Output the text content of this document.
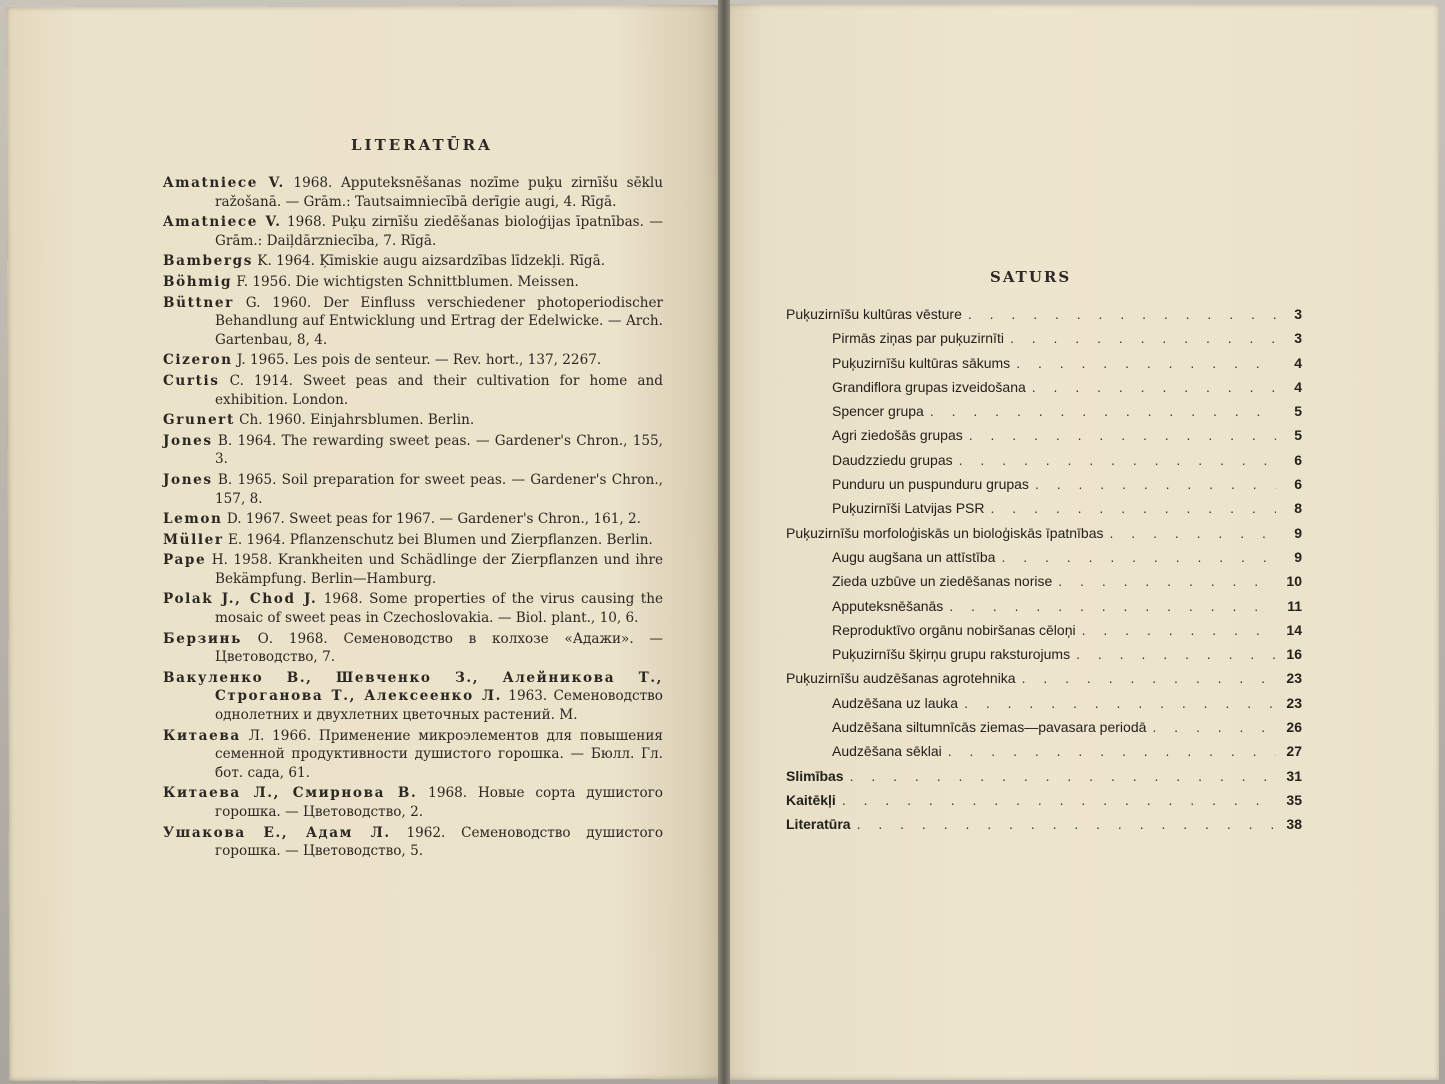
LITERATŪRA
Amatniece V. 1968. Apputeksnēšanas nozīme puķu zirnīšu sēklu ražošanā. — Grām.: Tautsaimniecībā derīgie augi, 4. Rīgā.
Amatniece V. 1968. Puķu zirnīšu ziedēšanas bioloģijas īpatnības. — Grām.: Daiļdārzniecība, 7. Rīgā.
Bambergs K. 1964. Ķīmiskie augu aizsardzības līdzekļi. Rīgā.
Böhmig F. 1956. Die wichtigsten Schnittblumen. Meissen.
Büttner G. 1960. Der Einfluss verschiedener photoperiodischer Behandlung auf Entwicklung und Ertrag der Edelwicke. — Arch. Gartenbau, 8, 4.
Cizeron J. 1965. Les pois de senteur. — Rev. hort., 137, 2267.
Curtis C. 1914. Sweet peas and their cultivation for home and exhibition. London.
Grunert Ch. 1960. Einjahrsblumen. Berlin.
Jones B. 1964. The rewarding sweet peas. — Gardener's Chron., 155, 3.
Jones B. 1965. Soil preparation for sweet peas. — Gardener's Chron., 157, 8.
Lemon D. 1967. Sweet peas for 1967. — Gardener's Chron., 161, 2.
Müller E. 1964. Pflanzenschutz bei Blumen und Zierpflanzen. Berlin.
Pape H. 1958. Krankheiten und Schädlinge der Zierpflanzen und ihre Bekämpfung. Berlin—Hamburg.
Polak J., Chod J. 1968. Some properties of the virus causing the mosaic of sweet peas in Czechoslovakia. — Biol. plant., 10, 6.
Берзинь О. 1968. Семеноводство в колхозе «Адажи». — Цветоводство, 7.
Вакуленко В., Шевченко З., Алейникова Т., Строганова Т., Алексеенко Л. 1963. Семеноводство однолетних и двухлетних цветочных растений. М.
Китаева Л. 1966. Применение микроэлементов для повышения семенной продуктивности душистого горошка. — Бюлл. Гл. бот. сада, 61.
Китаева Л., Смирнова В. 1968. Новые сорта душистого горошка. — Цветоводство, 2.
Ушакова Е., Адам Л. 1962. Семеноводство душистого горошка. — Цветоводство, 5.
SATURS
Puķuzirnīšu kultūras vēsture . . .	3
Pirmās ziņas par puķuzirnīti . . .	3
Puķuzirnīšu kultūras sākums . . .	4
Grandiflora grupas izveidošana . . .	4
Spencer grupa . . .	5
Agri ziedošās grupas . . .	5
Daudzziedu grupas . . .	6
Punduru un puspunduru grupas . . .	6
Puķuzirnīši Latvijas PSR . . .	8
Puķuzirnīšu morfoloģiskās un bioloģiskās īpatnības . . .	9
Augu augšana un attīstība . . .	9
Zieda uzbūve un ziedēšanas norise . . .	10
Apputeksnēšanās . . .	11
Reproduktīvo orgānu nobiršanas cēloņi . . .	14
Puķuzirnīšu šķirņu grupu raksturojums . . .	16
Puķuzirnīšu audzēšanas agrotehnika . . .	23
Audzēšana uz lauka . . .	23
Audzēšana siltumnīcās ziemas—pavasara periodā . . .	26
Audzēšana sēklai . . .	27
Slimības . . .	31
Kaitēkļi . . .	35
Literatūra . . .	38
